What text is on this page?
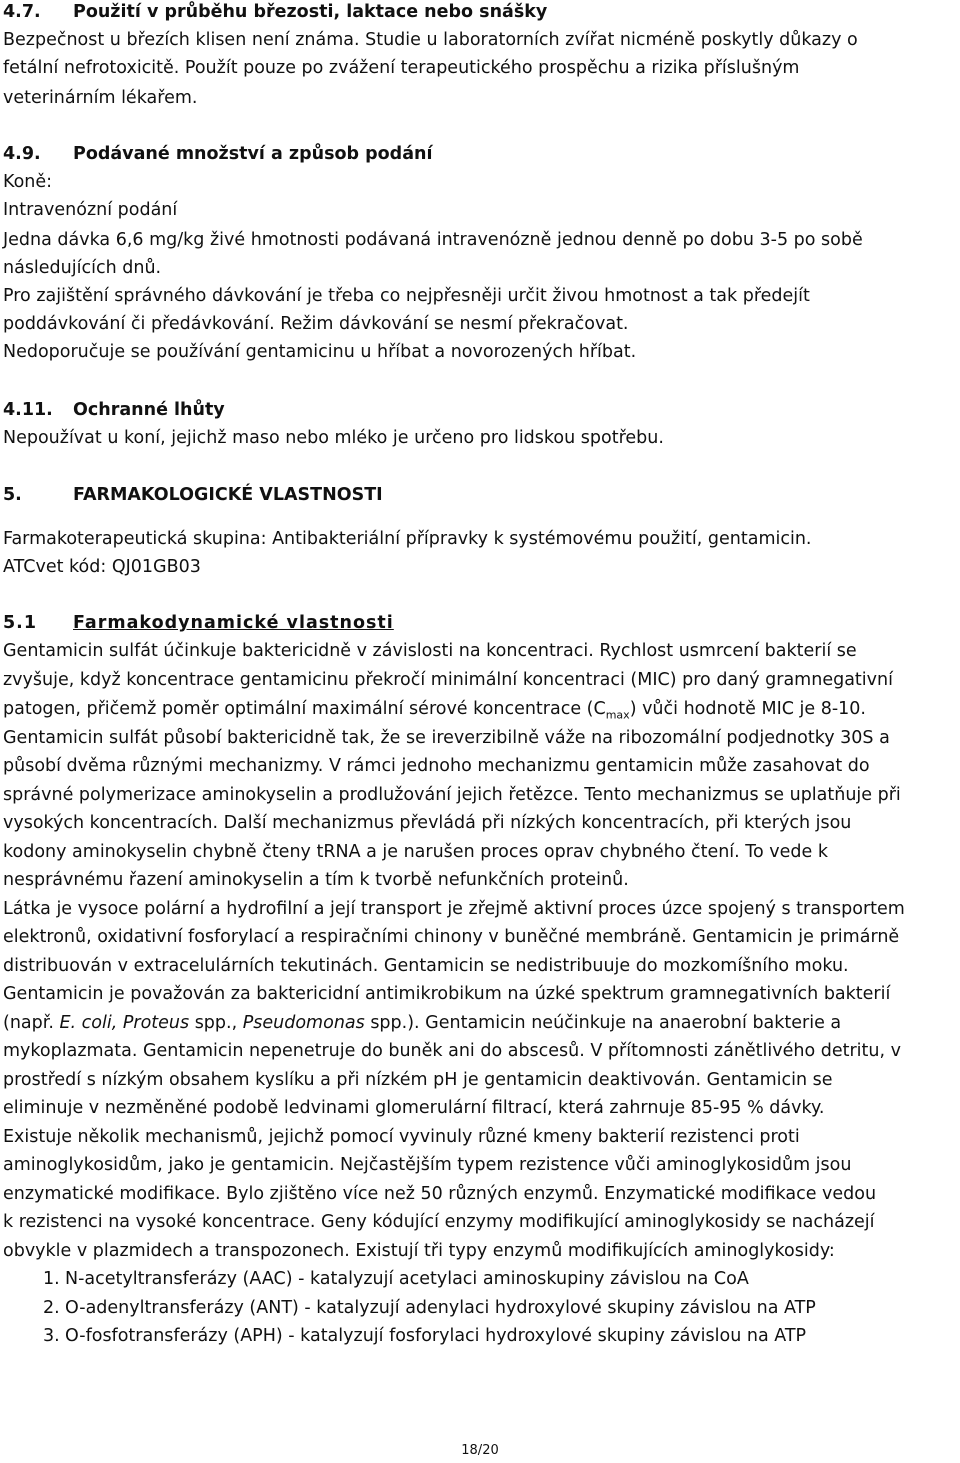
4.7. Použití v průběhu březosti, laktace nebo snášky
Bezpečnost u březích klisen není známa. Studie u laboratorních zvířat nicméně poskytly důkazy o
fetální nefrotoxicitě. Použít pouze po zvážení terapeutického prospěchu a rizika příslušným
veterinárním lékařem.
4.9. Podávané množství a způsob podání
Koně:
Intravenózní podání
Jedna dávka 6,6 mg/kg živé hmotnosti podávaná intravenózně jednou denně po dobu 3-5 po sobě
následujících dnů.
Pro zajištění správného dávkování je třeba co nejpřesněji určit živou hmotnost a tak předejít
poddávkování či předávkování. Režim dávkování se nesmí překračovat.
Nedoporučuje se používání gentamicinu u hříbat a novorozených hříbat.
4.11. Ochranné lhůty
Nepoužívat u koní, jejichž maso nebo mléko je určeno pro lidskou spotřebu.
5.	FARMAKOLOGICKÉ VLASTNOSTI
Farmakoterapeutická skupina: Antibakteriální přípravky k systémovému použití, gentamicin.
ATCvet kód: QJ01GB03
5.1 Farmakodynamické vlastnosti
Gentamicin sulfát účinkuje baktericidně v závislosti na koncentraci. Rychlost usmrcení bakterií se
zvyšuje, když koncentrace gentamicinu překročí minimální koncentraci (MIC) pro daný gramnegativní
patogen, přičemž poměr optimální maximální sérové koncentrace $(C_{max})$ vůči hodnotě MIC je 8-10.
Gentamicin sulfát působí baktericidně tak, že se ireverzibilně váže na ribozomální podjednotky 30S a
působí dvěma různými mechanizmy. V rámci jednoho mechanizmu gentamicin může zasahovat do
správné polymerizace aminokyselin a prodlužování jejich řetězce. Tento mechanizmus se uplatňuje při
vysokých koncentracích. Další mechanizmus převládá při nízkých koncentracích, při kterých jsou
kodony aminokyselin chybně čteny tRNA a je narušen proces oprav chybného čtení. To vede k
nesprávnému řazení aminokyselin a tím k tvorbě nefunkčních proteinů.
Látka je vysoce polární a hydrofilní a její transport je zřejmě aktivní proces úzce spojený s transportem
elektronů, oxidativní fosforylací a respiračními chinony v buněčné membráně. Gentamicin je primárně
distribuován v extracelulárních tekutinách. Gentamicin se nedistribuuje do mozkomíšního moku.
Gentamicin je považován za baktericidní antimikrobikum na úzké spektrum gramnegativních bakterií
(např. E. coli, Proteus spp., Pseudomonas spp.). Gentamicin neúčinkuje na anaerobní bakterie a
mykoplazmata. Gentamicin nepenetruje do buněk ani do abscesů. V přítomnosti zánětlivého detritu, v
prostředí s nízkým obsahem kyslíku a při nízkém pH je gentamicin deaktivován. Gentamicin se
eliminuje v nezměněné podobě ledvinami glomerulární filtrací, která zahrnuje 85-95 % dávky.
Existuje několik mechanismů, jejichž pomocí vyvinuly různé kmeny bakterií rezistenci proti
aminoglykosidům, jako je gentamicin. Nejčastějším typem rezistence vůči aminoglykosidům jsou
enzymatické modifikace. Bylo zjištěno více než 50 různých enzymů. Enzymatické modifikace vedou
k rezistenci na vysoké koncentrace. Geny kódující enzymy modifikující aminoglykosidy se nacházejí
obvykle v plazmidech a transpozonech. Existují tři typy enzymů modifikujících aminoglykosidy:
1. N-acetyltransferázy (AAC) - katalyzují acetylaci aminoskupiny závislou na CoA
2. O-adenyltransferázy (ANT) - katalyzují adenylaci hydroxylové skupiny závislou na ATP
3. O-fosfotransferázy (APH) - katalyzují fosforylaci hydroxylové skupiny závislou na ATP
18/20
